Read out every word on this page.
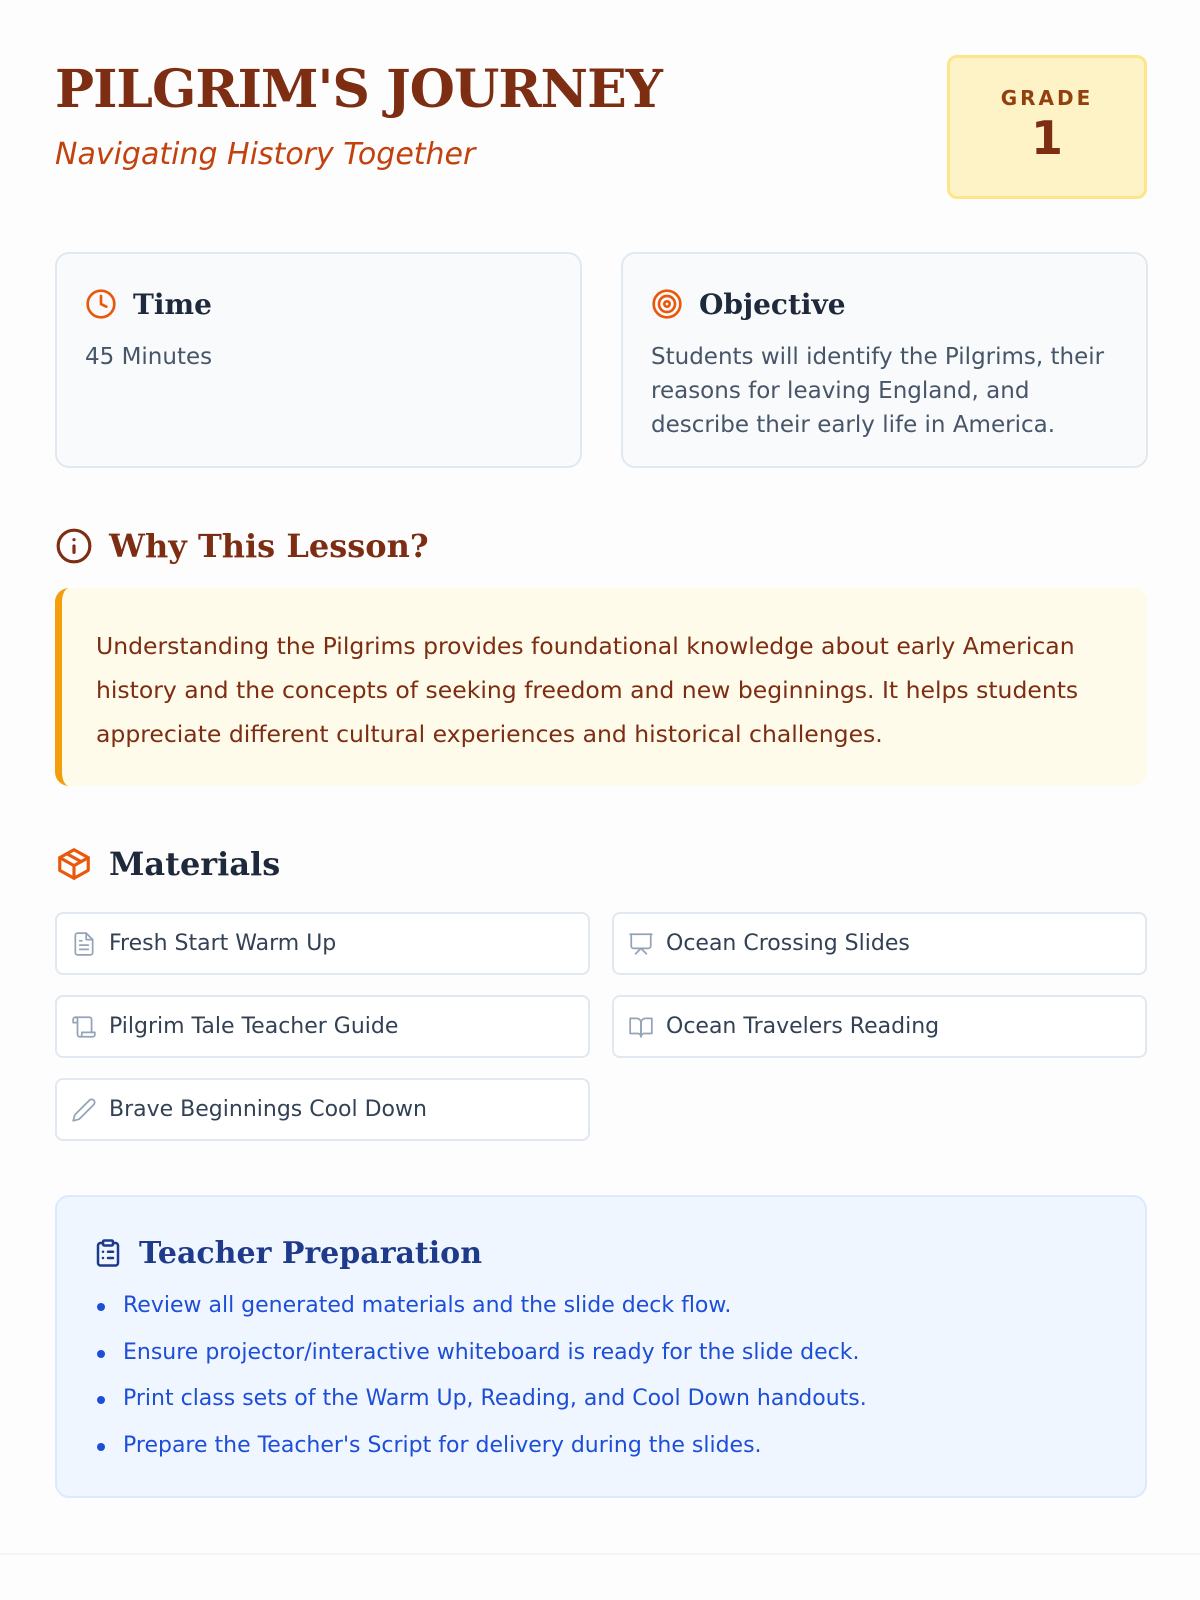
PILGRIM'S JOURNEY
Navigating History Together
GRADE
1
Time
45 Minutes
Objective
Students will identify the Pilgrims, their reasons for leaving England, and describe their early life in America.
Why This Lesson?
Understanding the Pilgrims provides foundational knowledge about early American history and the concepts of seeking freedom and new beginnings. It helps students appreciate different cultural experiences and historical challenges.
Materials
Fresh Start Warm Up	Ocean Crossing Slides
Pilgrim Tale Teacher Guide	Ocean Travelers Reading
Brave Beginnings Cool Down
Teacher Preparation
Review all generated materials and the slide deck flow.
Ensure projector/interactive whiteboard is ready for the slide deck.
Print class sets of the Warm Up, Reading, and Cool Down handouts.
Prepare the Teacher's Script for delivery during the slides.
